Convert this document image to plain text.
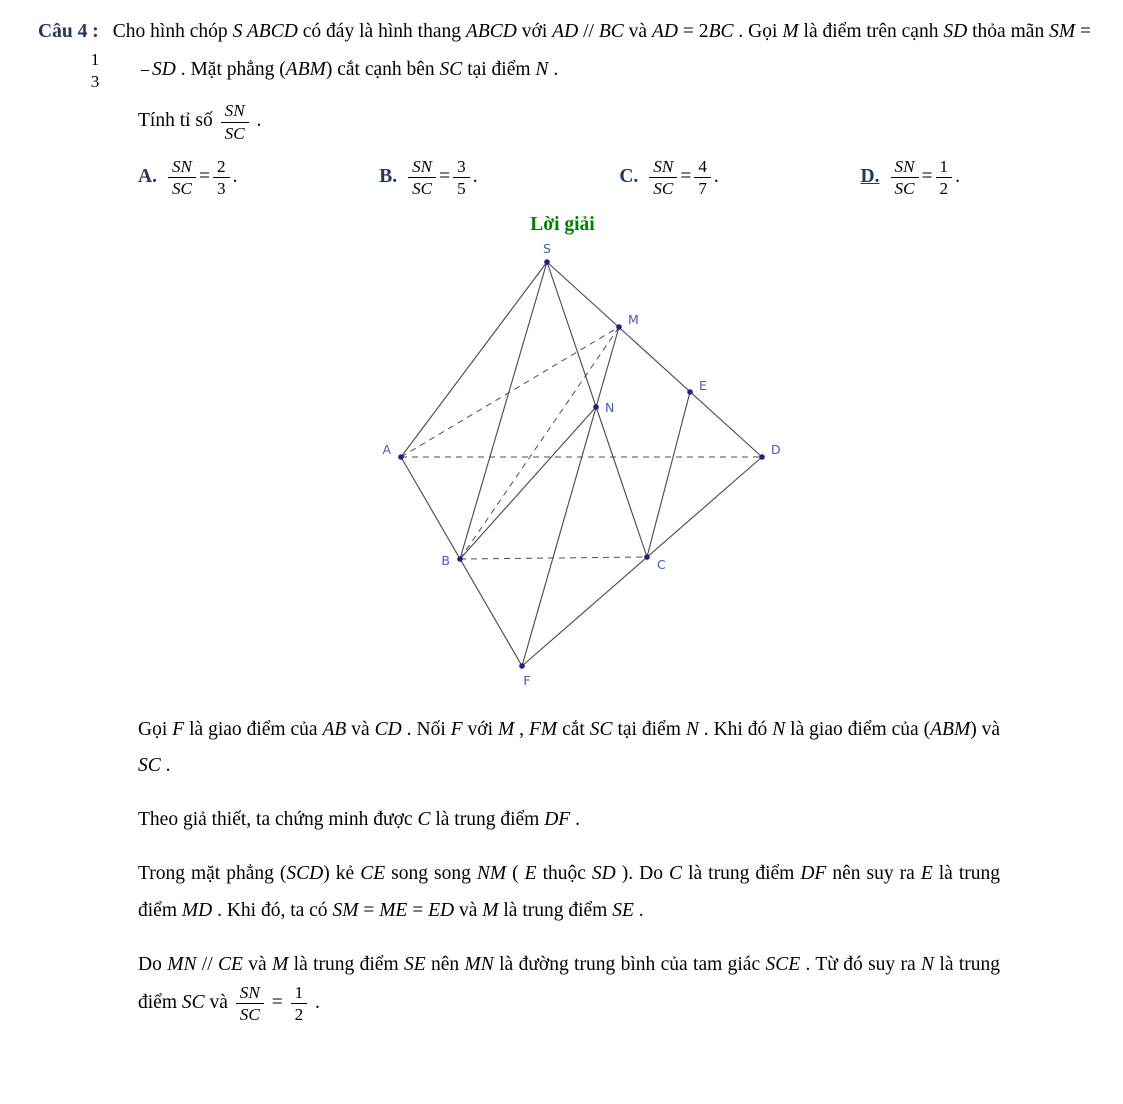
Câu 4 : Cho hình chóp S ABCD có đáy là hình thang ABCD với AD // BC và AD = 2BC . Gọi M là điểm trên cạnh SD thỏa mãn SM =
$\frac{1}{3}$ SD . Mặt phẳng (ABM) cắt cạnh bên SC tại điểm N .

Tính tỉ số $\frac{SN}{SC}$ .

A. $\frac{SN}{SC} = \frac{2}{3}$ .	B. $\frac{SN}{SC} = \frac{3}{5}$ .	C. $\frac{SN}{SC} = \frac{4}{7}$ .	D. $\frac{SN}{SC} = \frac{1}{2}$ .
Lời giải
S
M
E
N
A	D
B	C
F

Gọi F là giao điểm của AB và CD . Nối F với M , FM cắt SC tại điểm N . Khi đó N là giao điểm của (ABM) và SC .

Theo giả thiết, ta chứng minh được C là trung điểm DF .

Trong mặt phẳng (SCD) kẻ CE song song NM ( E thuộc SD ). Do C là trung điểm DF nên suy ra E là trung điểm MD . Khi đó, ta có SM = ME = ED và M là trung điểm SE .

Do MN // CE và M là trung điểm SE nên MN là đường trung bình của tam giác SCE . Từ đó suy ra N là trung điểm SC và $\frac{SN}{SC} = \frac{1}{2}$ .
